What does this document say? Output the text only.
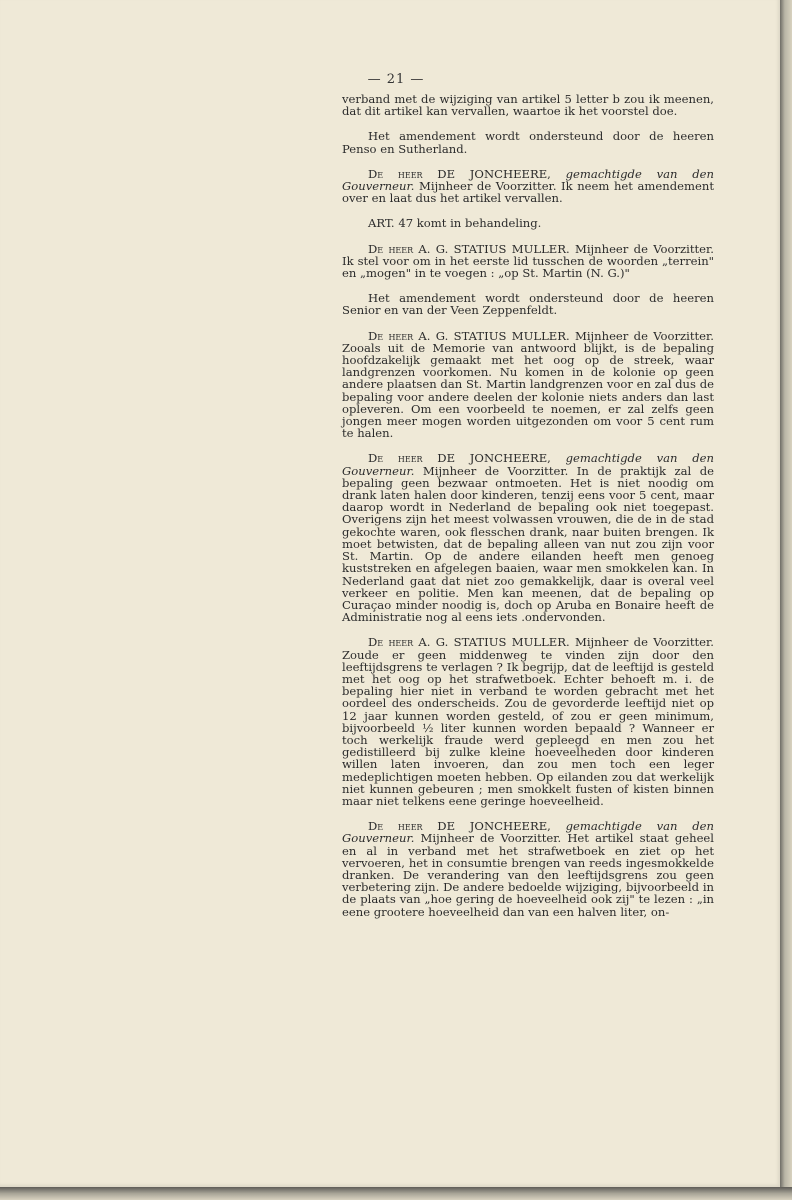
— 21 —

verband met de wijziging van artikel 5 letter b zou ik meenen, dat dit artikel kan vervallen, waartoe ik het voorstel doe.

Het amendement wordt ondersteund door de heeren Penso en Sutherland.

De heer DE JONCHEERE, gemachtigde van den Gouverneur. Mijnheer de Voorzitter. Ik neem het amendement over en laat dus het artikel vervallen.

ART. 47 komt in behandeling.

De heer A. G. STATIUS MULLER. Mijnheer de Voorzitter. Ik stel voor om in het eerste lid tusschen de woorden „terrein" en „mogen" in te voegen : „op St. Martin (N. G.)"

Het amendement wordt ondersteund door de heeren Senior en van der Veen Zeppenfeldt.

De heer A. G. STATIUS MULLER. Mijnheer de Voorzitter. Zooals uit de Memorie van antwoord blijkt, is de bepaling hoofdzakelijk gemaakt met het oog op de streek, waar landgrenzen voorkomen. Nu komen in de kolonie op geen andere plaatsen dan St. Martin landgrenzen voor en zal dus de bepaling voor andere deelen der kolonie niets anders dan last opleveren. Om een voorbeeld te noemen, er zal zelfs geen jongen meer mogen worden uitgezonden om voor 5 cent rum te halen.

De heer DE JONCHEERE, gemachtigde van den Gouverneur. Mijnheer de Voorzitter. In de praktijk zal de bepaling geen bezwaar ontmoeten. Het is niet noodig om drank laten halen door kinderen, tenzij eens voor 5 cent, maar daarop wordt in Nederland de bepaling ook niet toegepast. Overigens zijn het meest volwassen vrouwen, die de in de stad gekochte waren, ook flesschen drank, naar buiten brengen. Ik moet betwisten, dat de bepaling alleen van nut zou zijn voor St. Martin. Op de andere eilanden heeft men genoeg kuststreken en afgelegen baaien, waar men smokkelen kan. In Nederland gaat dat niet zoo gemakkelijk, daar is overal veel verkeer en politie. Men kan meenen, dat de bepaling op Curaçao minder noodig is, doch op Aruba en Bonaire heeft de Administratie nog al eens iets .ondervonden.

De heer A. G. STATIUS MULLER. Mijnheer de Voorzitter. Zoude er geen middenweg te vinden zijn door den leeftijdsgrens te verlagen ? Ik begrijp, dat de leeftijd is gesteld met het oog op het strafwetboek. Echter behoeft m. i. de bepaling hier niet in verband te worden gebracht met het oordeel des onderscheids. Zou de gevorderde leeftijd niet op 12 jaar kunnen worden gesteld, of zou er geen minimum, bijvoorbeeld ½ liter kunnen worden bepaald ? Wanneer er toch werkelijk fraude werd gepleegd en men zou het gedistilleerd bij zulke kleine hoeveelheden door kinderen willen laten invoeren, dan zou men toch een leger medeplichtigen moeten hebben. Op eilanden zou dat werkelijk niet kunnen gebeuren ; men smokkelt fusten of kisten binnen maar niet telkens eene geringe hoeveelheid.

De heer DE JONCHEERE, gemachtigde van den Gouverneur. Mijnheer de Voorzitter. Het artikel staat geheel en al in verband met het strafwetboek en ziet op het vervoeren, het in consumtie brengen van reeds ingesmokkelde dranken. De verandering van den leeftijdsgrens zou geen verbetering zijn. De andere bedoelde wijziging, bijvoorbeeld in de plaats van „hoe gering de hoeveelheid ook zij" te lezen : „in eene grootere hoeveelheid dan van een halven liter, on-
